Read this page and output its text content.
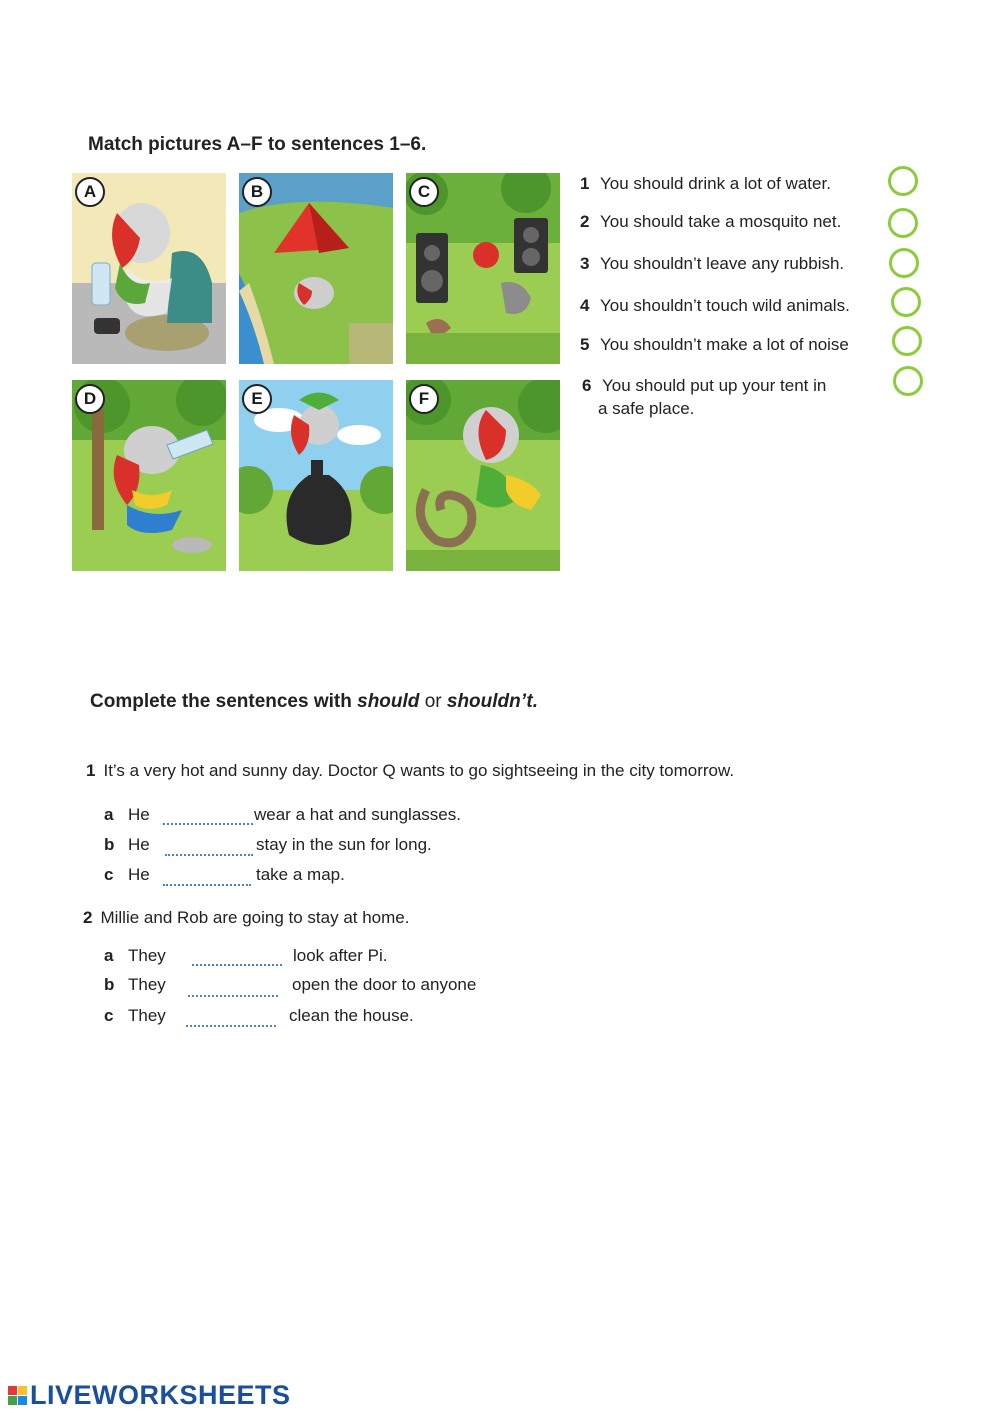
Match pictures A–F to sentences 1–6.
A	B	C
D	E	F
1 You should drink a lot of water.
2 You should take a mosquito net.
3 You shouldn’t leave any rubbish.
4 You shouldn’t touch wild animals.
5 You shouldn’t make a lot of noise
6 You should put up your tent in
a safe place.
Complete the sentences with should or shouldn’t.
1 It’s a very hot and sunny day. Doctor Q wants to go sightseeing in the city tomorrow.
a He	wear a hat and sunglasses.
b He	stay in the sun for long.
c He	take a map.
2 Millie and Rob are going to stay at home.
a They	look after Pi.
b They	open the door to anyone
c They	clean the house.
LIVEWORKSHEETS
